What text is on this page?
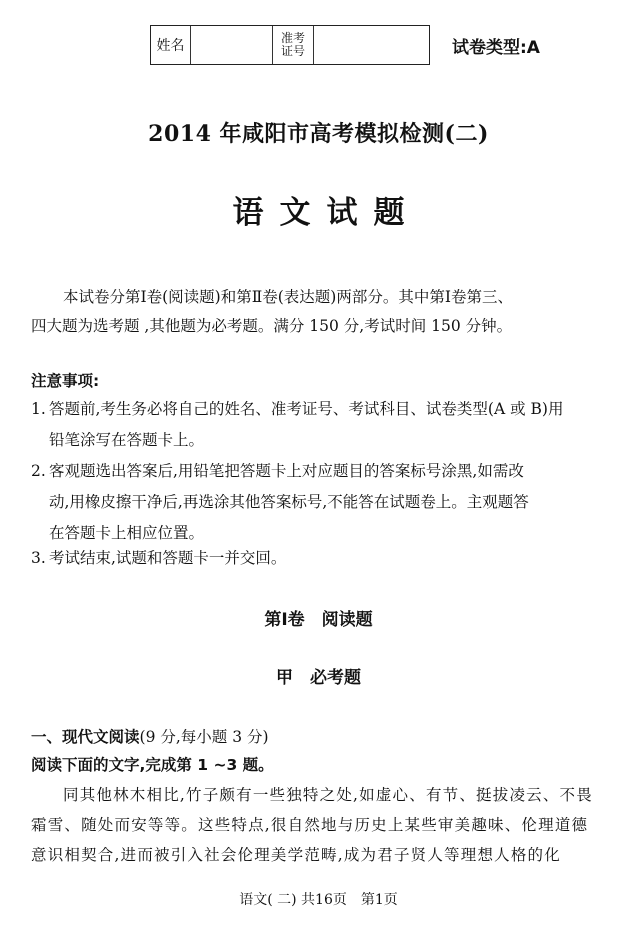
姓名	准考
证号	试卷类型:A
2014 年咸阳市高考模拟检测(二)
语文试题
本试卷分第Ⅰ卷(阅读题)和第Ⅱ卷(表达题)两部分。其中第Ⅰ卷第三、
四大题为选考题 ,其他题为必考题。满分 150 分,考试时间 150 分钟。
注意事项:
1. 答题前,考生务必将自己的姓名、准考证号、考试科目、试卷类型(A 或 B)用
铅笔涂写在答题卡上。
2. 客观题选出答案后,用铅笔把答题卡上对应题目的答案标号涂黑,如需改
动,用橡皮擦干净后,再选涂其他答案标号,不能答在试题卷上。主观题答
在答题卡上相应位置。
3. 考试结束,试题和答题卡一并交回。
第Ⅰ卷　阅读题
甲　必考题
一、现代文阅读(9 分,每小题 3 分)
阅读下面的文字,完成第 1 ~3 题。
同其他林木相比,竹子颇有一些独特之处,如虚心、有节、挺拔凌云、不畏
霜雪、随处而安等等。这些特点,很自然地与历史上某些审美趣味、伦理道德
意识相契合,进而被引入社会伦理美学范畴,成为君子贤人等理想人格的化
语文( 二) 共16页　第1页
